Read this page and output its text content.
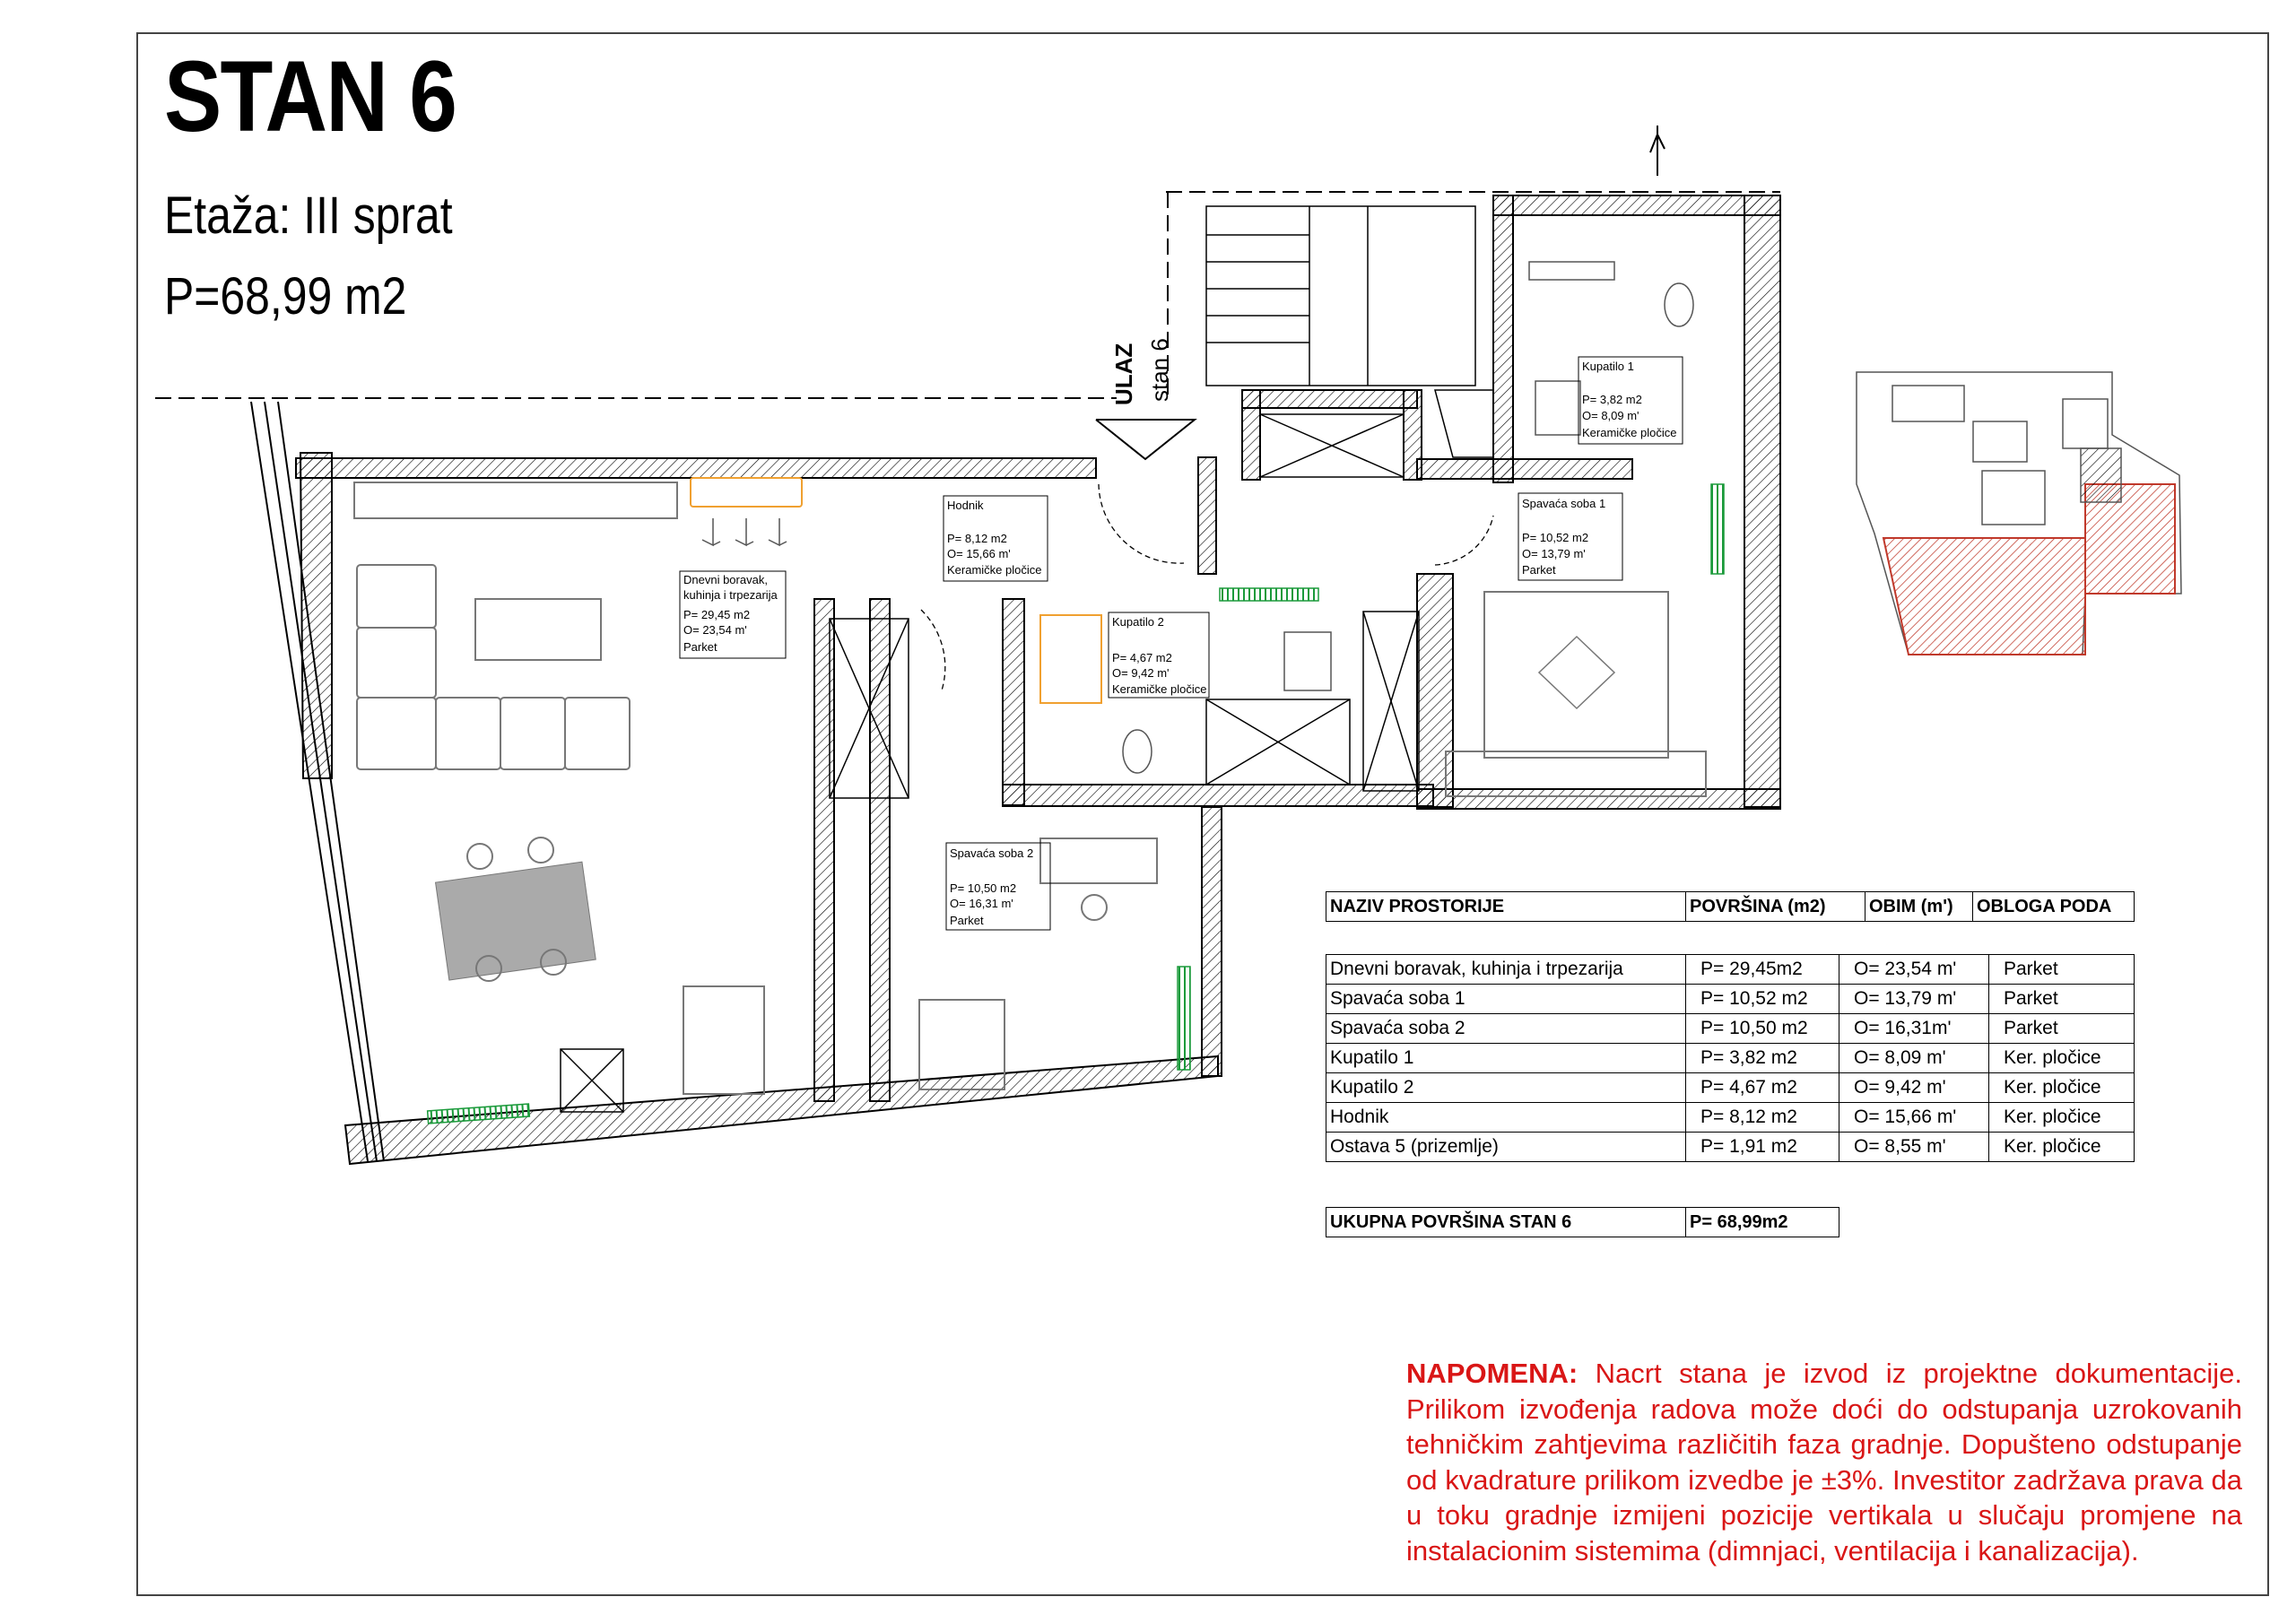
STAN 6
Etaža: III sprat
P=68,99 m2
ULAZ stan 6
Hodnik
P= 8,12 m2
O= 15,66 m'
Keramičke pločice
Dnevni boravak,
kuhinja i trpezarija
P= 29,45 m2
O= 23,54 m'
Parket
Kupatilo 2
P= 4,67 m2
O= 9,42 m'
Keramičke pločice
Kupatilo 1
P= 3,82 m2
O= 8,09 m'
Keramičke pločice
Spavaća soba 1
P= 10,52 m2
O= 13,79 m'
Parket
Spavaća soba 2
P= 10,50 m2
O= 16,31 m'
Parket
NAZIV PROSTORIJE	POVRŠINA (m2)	OBIM (m')	OBLOGA PODA
Dnevni boravak, kuhinja i trpezarija	P= 29,45m2	O= 23,54 m'	Parket
Spavaća soba 1	P= 10,52 m2	O= 13,79 m'	Parket
Spavaća soba 2	P= 10,50 m2	O= 16,31m'	Parket
Kupatilo 1	P= 3,82 m2	O= 8,09 m'	Ker. pločice
Kupatilo 2	P= 4,67 m2	O= 9,42 m'	Ker. pločice
Hodnik	P= 8,12 m2	O= 15,66 m'	Ker. pločice
Ostava 5 (prizemlje)	P= 1,91 m2	O= 8,55 m'	Ker. pločice
UKUPNA POVRŠINA STAN 6	P= 68,99m2
NAPOMENA: Nacrt stana je izvod iz projektne dokumentacije. Prilikom izvođenja radova može doći do odstupanja uzrokovanih tehničkim zahtjevima različitih faza gradnje. Dopušteno odstupanje od kvadrature prilikom izvedbe je ±3%. Investitor zadržava prava da u toku gradnje izmijeni pozicije vertikala u slučaju promjene na instalacionim sistemima (dimnjaci, ventilacija i kanalizacija).
